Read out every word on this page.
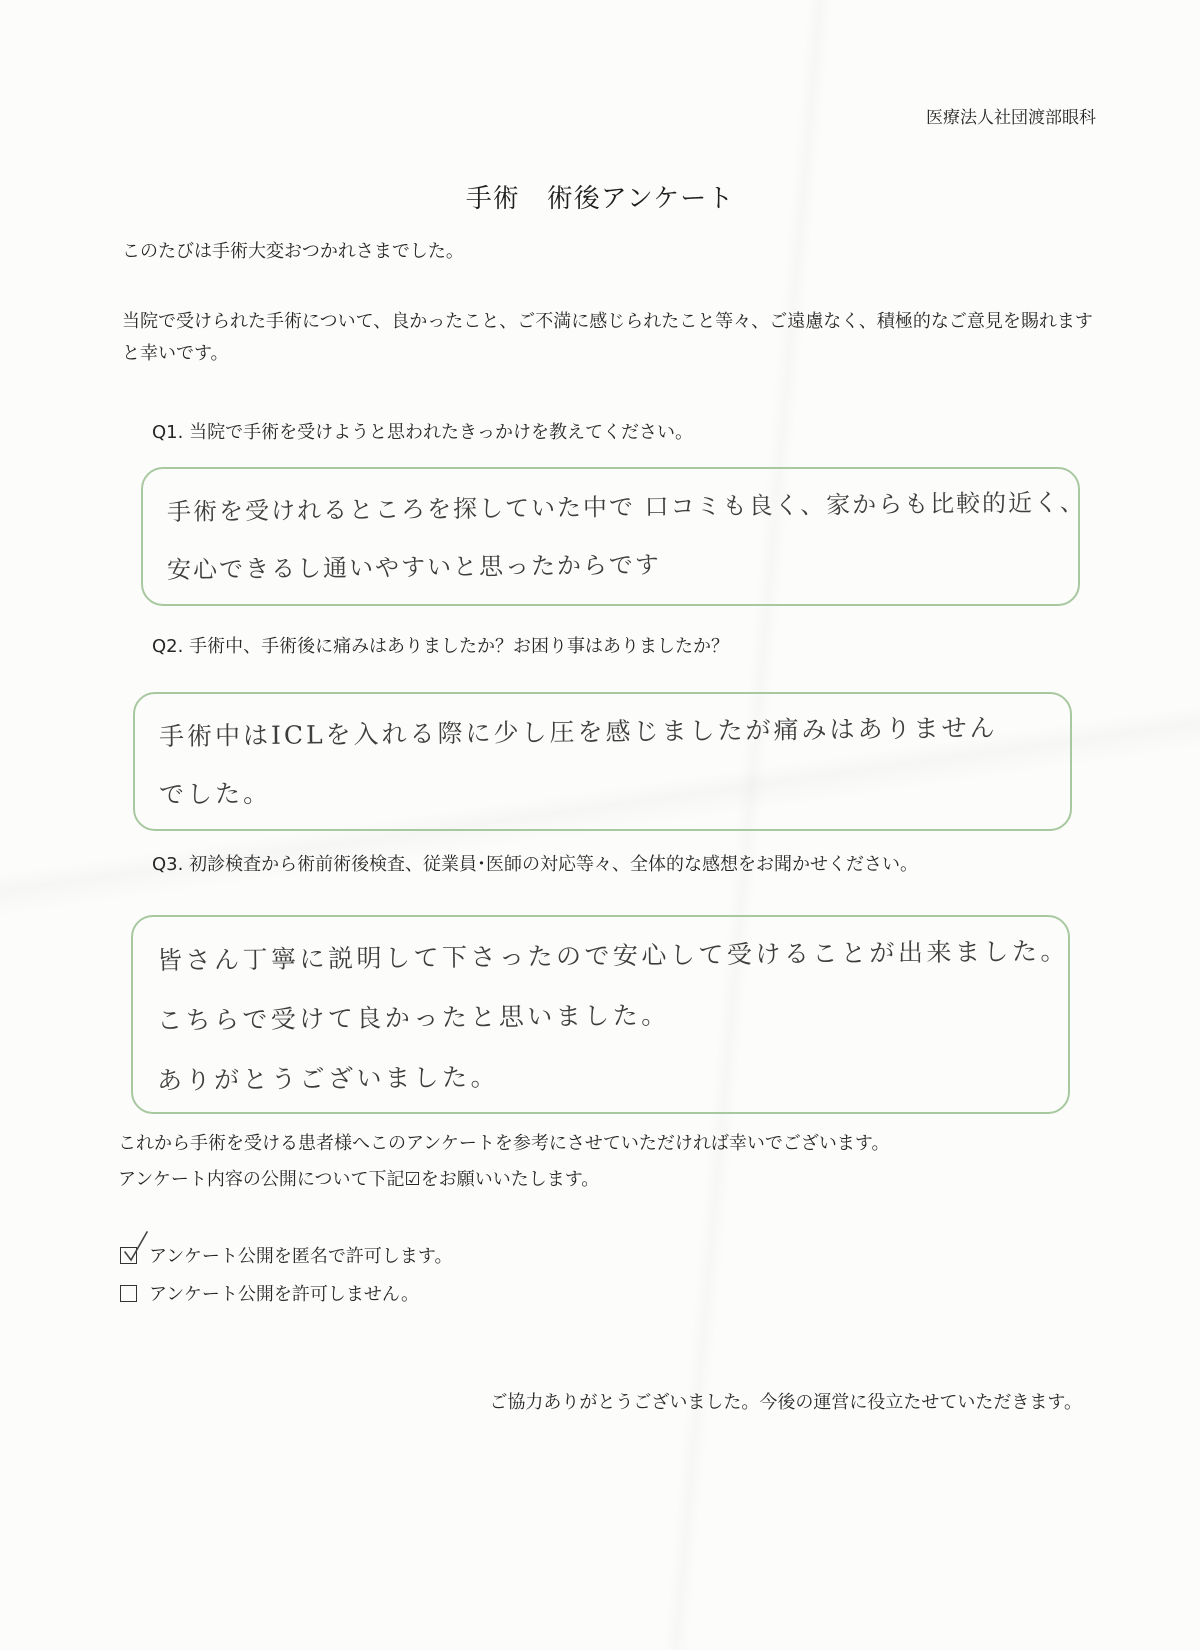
医療法人社団渡部眼科
手術　術後アンケート
このたびは手術大変おつかれさまでした。
当院で受けられた手術について、良かったこと、ご不満に感じられたこと等々、ご遠慮なく、積極的なご意見を賜れますと幸いです。
Q1. 当院で手術を受けようと思われたきっかけを教えてください。
手術を受けれるところを探していた中で 口コミも良く、家からも比較的近く、
安心できるし通いやすいと思ったからです
Q2. 手術中、手術後に痛みはありましたか？お困り事はありましたか？
手術中はICLを入れる際に少し圧を感じましたが痛みはありません
でした。
Q3. 初診検査から術前術後検査、従業員･医師の対応等々、全体的な感想をお聞かせください。
皆さん丁寧に説明して下さったので安心して受けることが出来ました。
こちらで受けて良かったと思いました。
ありがとうございました。
これから手術を受ける患者様へこのアンケートを参考にさせていただければ幸いでございます。
アンケート内容の公開について下記☑をお願いいたします。
アンケート公開を匿名で許可します。
アンケート公開を許可しません。
ご協力ありがとうございました。今後の運営に役立たせていただきます。
